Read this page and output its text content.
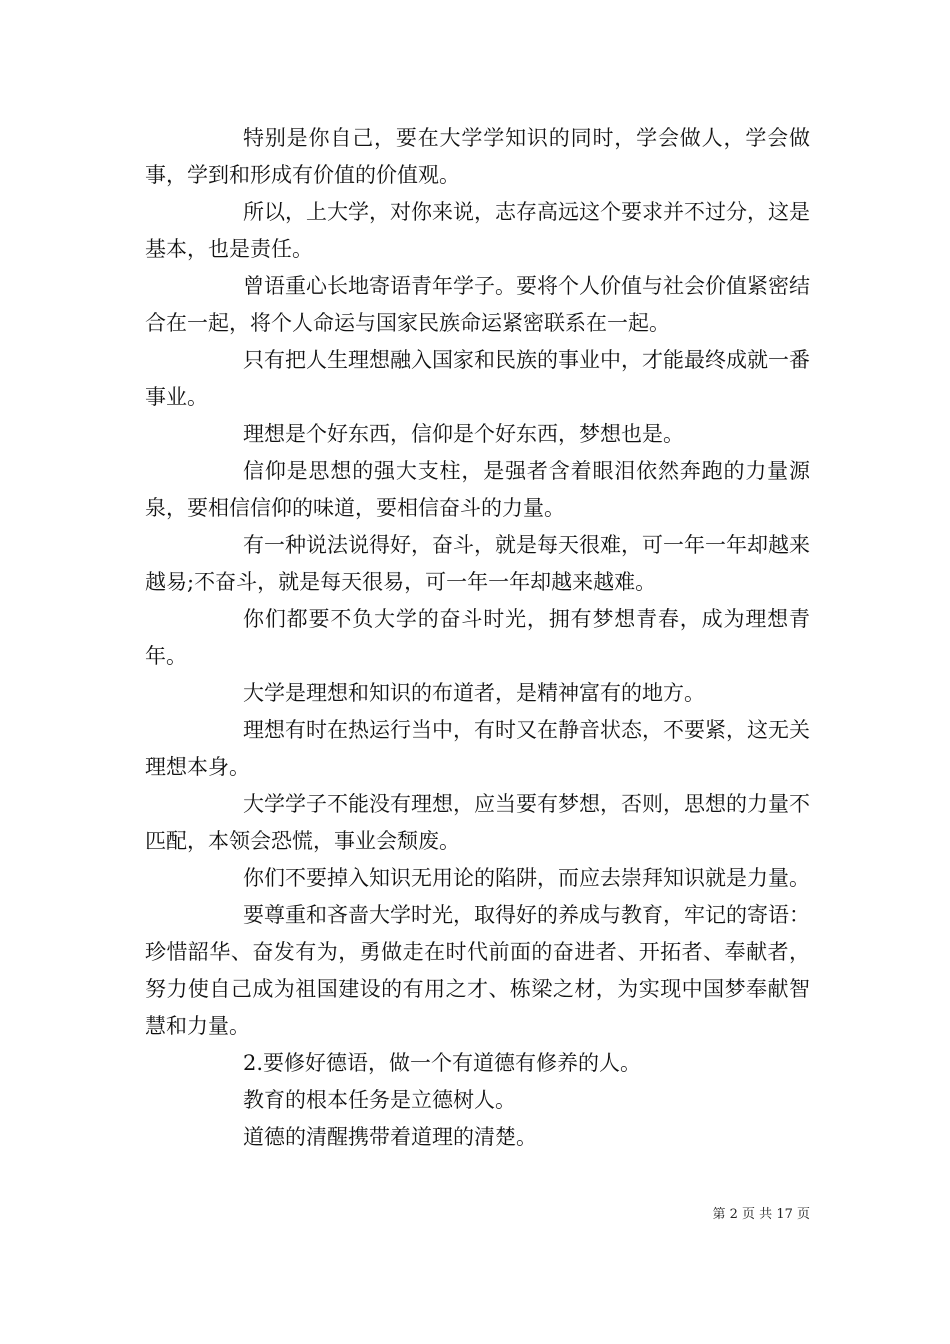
特别是你自己，要在大学学知识的同时，学会做人，学会做事，学到和形成有价值的价值观。

所以，上大学，对你来说，志存高远这个要求并不过分，这是基本，也是责任。

曾语重心长地寄语青年学子。要将个人价值与社会价值紧密结合在一起，将个人命运与国家民族命运紧密联系在一起。

只有把人生理想融入国家和民族的事业中，才能最终成就一番事业。

理想是个好东西，信仰是个好东西，梦想也是。

信仰是思想的强大支柱，是强者含着眼泪依然奔跑的力量源泉，要相信信仰的味道，要相信奋斗的力量。

有一种说法说得好，奋斗，就是每天很难，可一年一年却越来越易;不奋斗，就是每天很易，可一年一年却越来越难。

你们都要不负大学的奋斗时光，拥有梦想青春，成为理想青年。

大学是理想和知识的布道者，是精神富有的地方。

理想有时在热运行当中，有时又在静音状态，不要紧，这无关理想本身。

大学学子不能没有理想，应当要有梦想，否则，思想的力量不匹配，本领会恐慌，事业会颓废。

你们不要掉入知识无用论的陷阱，而应去崇拜知识就是力量。

要尊重和吝啬大学时光，取得好的养成与教育，牢记的寄语：珍惜韶华、奋发有为，勇做走在时代前面的奋进者、开拓者、奉献者，努力使自己成为祖国建设的有用之才、栋梁之材，为实现中国梦奉献智慧和力量。

2.要修好德语，做一个有道德有修养的人。

教育的根本任务是立德树人。

道德的清醒携带着道理的清楚。

第 2 页 共 17 页
